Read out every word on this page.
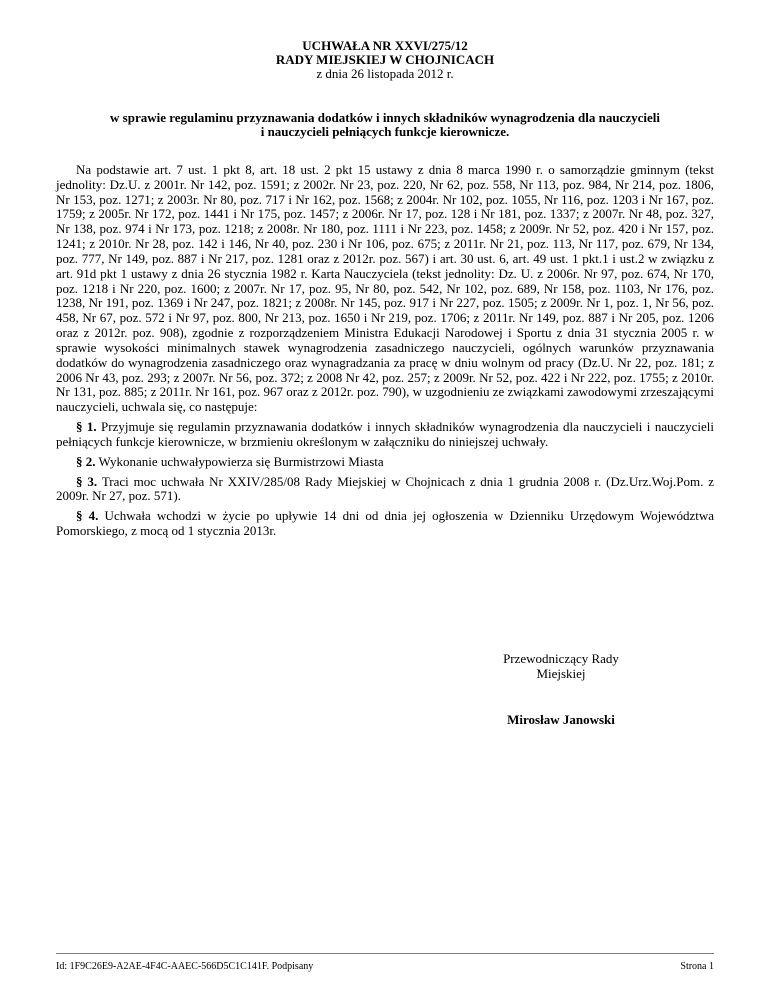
UCHWAŁA NR XXVI/275/12
RADY MIEJSKIEJ W CHOJNICACH
z dnia 26 listopada 2012 r.
w sprawie regulaminu przyznawania dodatków i innych składników wynagrodzenia dla nauczycieli
i nauczycieli pełniących funkcje kierownicze.

Na podstawie art. 7 ust. 1 pkt 8, art. 18 ust. 2 pkt 15 ustawy z dnia 8 marca 1990 r. o samorządzie gminnym (tekst jednolity: Dz.U. z 2001r. Nr 142, poz. 1591; z 2002r. Nr 23, poz. 220, Nr 62, poz. 558, Nr 113, poz. 984, Nr 214, poz. 1806, Nr 153, poz. 1271; z 2003r. Nr 80, poz. 717 i Nr 162, poz. 1568; z 2004r. Nr 102, poz. 1055, Nr 116, poz. 1203 i Nr 167, poz. 1759; z 2005r. Nr 172, poz. 1441 i Nr 175, poz. 1457; z 2006r. Nr 17, poz. 128 i Nr 181, poz. 1337; z 2007r. Nr 48, poz. 327, Nr 138, poz. 974 i Nr 173, poz. 1218; z 2008r. Nr 180, poz. 1111 i Nr 223, poz. 1458; z 2009r. Nr 52, poz. 420 i Nr 157, poz. 1241; z 2010r. Nr 28, poz. 142 i 146, Nr 40, poz. 230 i Nr 106, poz. 675; z 2011r. Nr 21, poz. 113, Nr 117, poz. 679, Nr 134, poz. 777, Nr 149, poz. 887 i Nr 217, poz. 1281 oraz z 2012r. poz. 567) i art. 30 ust. 6, art. 49 ust. 1 pkt.1 i ust.2 w związku z art. 91d pkt 1 ustawy z dnia 26 stycznia 1982 r. Karta Nauczyciela (tekst jednolity: Dz. U. z 2006r. Nr 97, poz. 674, Nr 170, poz. 1218 i Nr 220, poz. 1600; z 2007r. Nr 17, poz. 95, Nr 80, poz. 542, Nr 102, poz. 689, Nr 158, poz. 1103, Nr 176, poz. 1238, Nr 191, poz. 1369 i Nr 247, poz. 1821; z 2008r. Nr 145, poz. 917 i Nr 227, poz. 1505; z 2009r. Nr 1, poz. 1, Nr 56, poz. 458, Nr 67, poz. 572 i Nr 97, poz. 800, Nr 213, poz. 1650 i Nr 219, poz. 1706; z 2011r. Nr 149, poz. 887 i Nr 205, poz. 1206 oraz z 2012r. poz. 908), zgodnie z rozporządzeniem Ministra Edukacji Narodowej i Sportu z dnia 31 stycznia 2005 r. w sprawie wysokości minimalnych stawek wynagrodzenia zasadniczego nauczycieli, ogólnych warunków przyznawania dodatków do wynagrodzenia zasadniczego oraz wynagradzania za pracę w dniu wolnym od pracy (Dz.U. Nr 22, poz. 181; z 2006 Nr 43, poz. 293; z 2007r. Nr 56, poz. 372; z 2008 Nr 42, poz. 257; z 2009r. Nr 52, poz. 422 i Nr 222, poz. 1755; z 2010r. Nr 131, poz. 885; z 2011r. Nr 161, poz. 967 oraz z 2012r. poz. 790), w uzgodnieniu ze związkami zawodowymi zrzeszającymi nauczycieli, uchwala się, co następuje:

§ 1. Przyjmuje się regulamin przyznawania dodatków i innych składników wynagrodzenia dla nauczycieli i nauczycieli pełniących funkcje kierownicze, w brzmieniu określonym w załączniku do niniejszej uchwały.

§ 2. Wykonanie uchwałypowierza się Burmistrzowi Miasta

§ 3. Traci moc uchwała Nr XXIV/285/08 Rady Miejskiej w Chojnicach z dnia 1 grudnia 2008 r. (Dz.Urz.Woj.Pom. z 2009r. Nr 27, poz. 571).

§ 4. Uchwała wchodzi w życie po upływie 14 dni od dnia jej ogłoszenia w Dzienniku Urzędowym Województwa Pomorskiego, z mocą od 1 stycznia 2013r.

Przewodniczący Rady
Miejskiej
Mirosław Janowski
Id: 1F9C26E9-A2AE-4F4C-AAEC-566D5C1C141F. Podpisany	Strona 1
